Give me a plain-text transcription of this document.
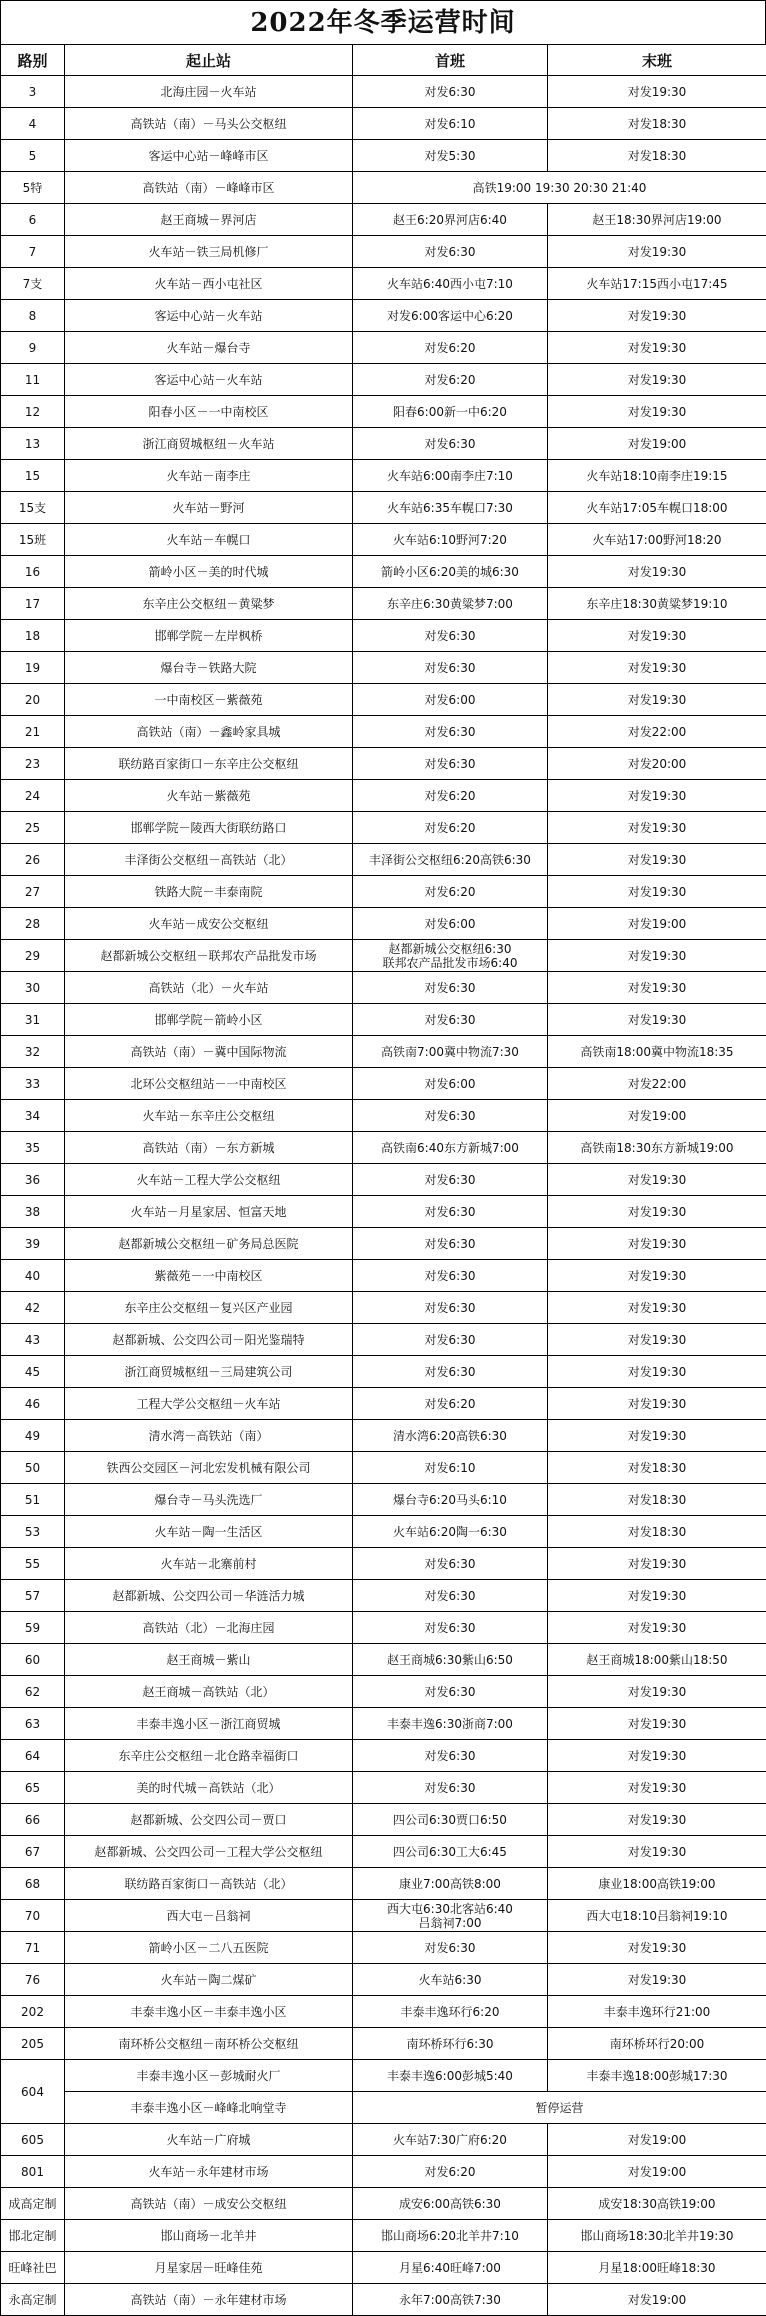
2022年冬季运营时间
路别	起止站	首班	末班
3	北海庄园－火车站	对发6:30	对发19:30
4	高铁站（南）－马头公交枢纽	对发6:10	对发18:30
5	客运中心站－峰峰市区	对发5:30	对发18:30
5特	高铁站（南）－峰峰市区	高铁19:00 19:30 20:30 21:40	
6	赵王商城－界河店	赵王6:20界河店6:40	赵王18:30界河店19:00
7	火车站－铁三局机修厂	对发6:30	对发19:30
7支	火车站－西小屯社区	火车站6:40西小屯7:10	火车站17:15西小屯17:45
8	客运中心站－火车站	对发6:00客运中心6:20	对发19:30
9	火车站－爆台寺	对发6:20	对发19:30
11	客运中心站－火车站	对发6:20	对发19:30
12	阳春小区－一中南校区	阳春6:00新一中6:20	对发19:30
13	浙江商贸城枢纽－火车站	对发6:30	对发19:00
15	火车站－南李庄	火车站6:00南李庄7:10	火车站18:10南李庄19:15
15支	火车站－野河	火车站6:35车幌口7:30	火车站17:05车幌口18:00
15班	火车站－车幌口	火车站6:10野河7:20	火车站17:00野河18:20
16	箭岭小区－美的时代城	箭岭小区6:20美的城6:30	对发19:30
17	东辛庄公交枢纽－黄粱梦	东辛庄6:30黄粱梦7:00	东辛庄18:30黄粱梦19:10
18	邯郸学院－左岸枫桥	对发6:30	对发19:30
19	爆台寺－铁路大院	对发6:30	对发19:30
20	一中南校区－紫薇苑	对发6:00	对发19:30
21	高铁站（南）－鑫岭家具城	对发6:30	对发22:00
23	联纺路百家街口－东辛庄公交枢纽	对发6:30	对发20:00
24	火车站－紫薇苑	对发6:20	对发19:30
25	邯郸学院－陵西大街联纺路口	对发6:20	对发19:30
26	丰泽街公交枢纽－高铁站（北）	丰泽街公交枢纽6:20高铁6:30	对发19:30
27	铁路大院－丰泰南院	对发6:20	对发19:30
28	火车站－成安公交枢纽	对发6:00	对发19:00
29	赵都新城公交枢纽－联邦农产品批发市场	赵都新城公交枢纽6:30
联邦农产品批发市场6:40	对发19:30
30	高铁站（北）－火车站	对发6:30	对发19:30
31	邯郸学院－箭岭小区	对发6:30	对发19:30
32	高铁站（南）－冀中国际物流	高铁南7:00冀中物流7:30	高铁南18:00冀中物流18:35
33	北环公交枢纽站－一中南校区	对发6:00	对发22:00
34	火车站－东辛庄公交枢纽	对发6:30	对发19:00
35	高铁站（南）－东方新城	高铁南6:40东方新城7:00	高铁南18:30东方新城19:00
36	火车站－工程大学公交枢纽	对发6:30	对发19:30
38	火车站－月星家居、恒富天地	对发6:30	对发19:30
39	赵都新城公交枢纽－矿务局总医院	对发6:30	对发19:30
40	紫薇苑－一中南校区	对发6:30	对发19:30
42	东辛庄公交枢纽－复兴区产业园	对发6:30	对发19:30
43	赵都新城、公交四公司－阳光鉴瑞特	对发6:30	对发19:30
45	浙江商贸城枢纽－三局建筑公司	对发6:30	对发19:30
46	工程大学公交枢纽－火车站	对发6:20	对发19:30
49	清水湾－高铁站（南）	清水湾6:20高铁6:30	对发19:30
50	铁西公交园区－河北宏发机械有限公司	对发6:10	对发18:30
51	爆台寺－马头洗选厂	爆台寺6:20马头6:10	对发18:30
53	火车站－陶一生活区	火车站6:20陶一6:30	对发18:30
55	火车站－北寨前村	对发6:30	对发19:30
57	赵都新城、公交四公司－华涟活力城	对发6:30	对发19:30
59	高铁站（北）－北海庄园	对发6:30	对发19:30
60	赵王商城－紫山	赵王商城6:30紫山6:50	赵王商城18:00紫山18:50
62	赵王商城－高铁站（北）	对发6:30	对发19:30
63	丰泰丰逸小区－浙江商贸城	丰泰丰逸6:30浙商7:00	对发19:30
64	东辛庄公交枢纽－北仓路幸福街口	对发6:30	对发19:30
65	美的时代城－高铁站（北）	对发6:30	对发19:30
66	赵都新城、公交四公司－贾口	四公司6:30贾口6:50	对发19:30
67	赵都新城、公交四公司－工程大学公交枢纽	四公司6:30工大6:45	对发19:30
68	联纺路百家街口－高铁站（北）	康业7:00高铁8:00	康业18:00高铁19:00
70	西大屯－吕翁祠	西大屯6:30北客站6:40
吕翁祠7:00	西大屯18:10吕翁祠19:10
71	箭岭小区－二八五医院	对发6:30	对发19:30
76	火车站－陶二煤矿	火车站6:30	对发19:30
202	丰泰丰逸小区－丰泰丰逸小区	丰泰丰逸环行6:20	丰泰丰逸环行21:00
205	南环桥公交枢纽－南环桥公交枢纽	南环桥环行6:30	南环桥环行20:00
604	丰泰丰逸小区－彭城耐火厂	丰泰丰逸6:00彭城5:40	丰泰丰逸18:00彭城17:30
	丰泰丰逸小区－峰峰北响堂寺	暂停运营	
605	火车站－广府城	火车站7:30广府6:20	对发19:00
801	火车站－永年建材市场	对发6:20	对发19:00
成高定制	高铁站（南）－成安公交枢纽	成安6:00高铁6:30	成安18:30高铁19:00
邯北定制	邯山商场－北羊井	邯山商场6:20北羊井7:10	邯山商场18:30北羊井19:30
旺峰社巴	月星家居－旺峰佳苑	月星6:40旺峰7:00	月星18:00旺峰18:30
永高定制	高铁站（南）－永年建材市场	永年7:00高铁7:30	对发19:00
